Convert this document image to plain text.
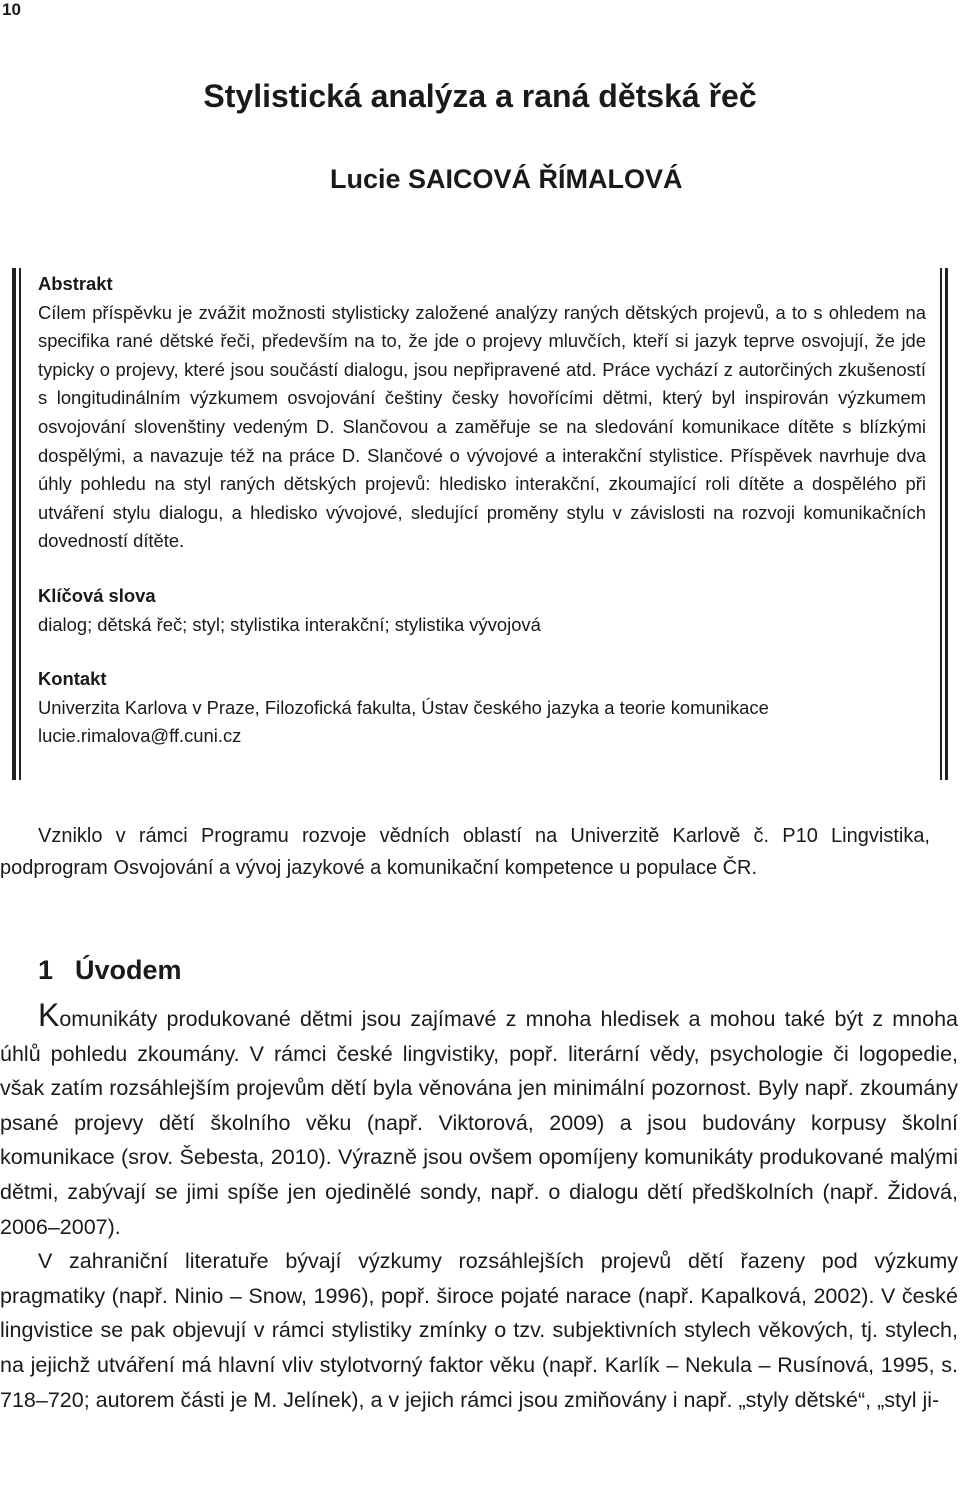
10
Stylistická analýza a raná dětská řeč
Lucie SAICOVÁ ŘÍMALOVÁ
Abstrakt
Cílem příspěvku je zvážit možnosti stylisticky založené analýzy raných dětských projevů, a to s ohledem na specifika rané dětské řeči, především na to, že jde o projevy mluvčích, kteří si jazyk teprve osvojují, že jde typicky o projevy, které jsou součástí dialogu, jsou nepřipravené atd. Práce vychází z autorčiných zkušeností s longitudinálním výzkumem osvojování češtiny česky hovořícími dětmi, který byl inspirován výzkumem osvojování slovenštiny vedeným D. Slančovou a zaměřuje se na sledování komunikace dítěte s blízkými dospělými, a navazuje též na práce D. Slančové o vývojové a interakční stylistice. Příspěvek navrhuje dva úhly pohledu na styl raných dětských projevů: hledisko interakční, zkoumající roli dítěte a dospělého při utváření stylu dialogu, a hledisko vývojové, sledující proměny stylu v závislosti na rozvoji komunikačních dovedností dítěte.
Klíčová slova
dialog; dětská řeč; styl; stylistika interakční; stylistika vývojová
Kontakt
Univerzita Karlova v Praze, Filozofická fakulta, Ústav českého jazyka a teorie komunikace
lucie.rimalova@ff.cuni.cz

Vzniklo v rámci Programu rozvoje vědních oblastí na Univerzitě Karlově č. P10 Lingvistika, podprogram Osvojování a vývoj jazykové a komunikační kompetence u populace ČR.

1 Úvodem

Komunikáty produkované dětmi jsou zajímavé z mnoha hledisek a mohou také být z mnoha úhlů pohledu zkoumány. V rámci české lingvistiky, popř. literární vědy, psychologie či logopedie, však zatím rozsáhlejším projevům dětí byla věnována jen minimální pozornost. Byly např. zkoumány psané projevy dětí školního věku (např. Viktorová, 2009) a jsou budovány korpusy školní komunikace (srov. Šebesta, 2010). Výrazně jsou ovšem opomíjeny komunikáty produkované malými dětmi, zabývají se jimi spíše jen ojedinělé sondy, např. o dialogu dětí předškolních (např. Židová, 2006–2007).

V zahraniční literatuře bývají výzkumy rozsáhlejších projevů dětí řazeny pod výzkumy pragmatiky (např. Ninio – Snow, 1996), popř. široce pojaté narace (např. Kapalková, 2002). V české lingvistice se pak objevují v rámci stylistiky zmínky o tzv. subjektivních stylech věkových, tj. stylech, na jejichž utváření má hlavní vliv stylotvorný faktor věku (např. Karlík – Nekula – Rusínová, 1995, s. 718–720; autorem části je M. Jelínek), a v jejich rámci jsou zmiňovány i např. „styly dětské“, „styl ji-
